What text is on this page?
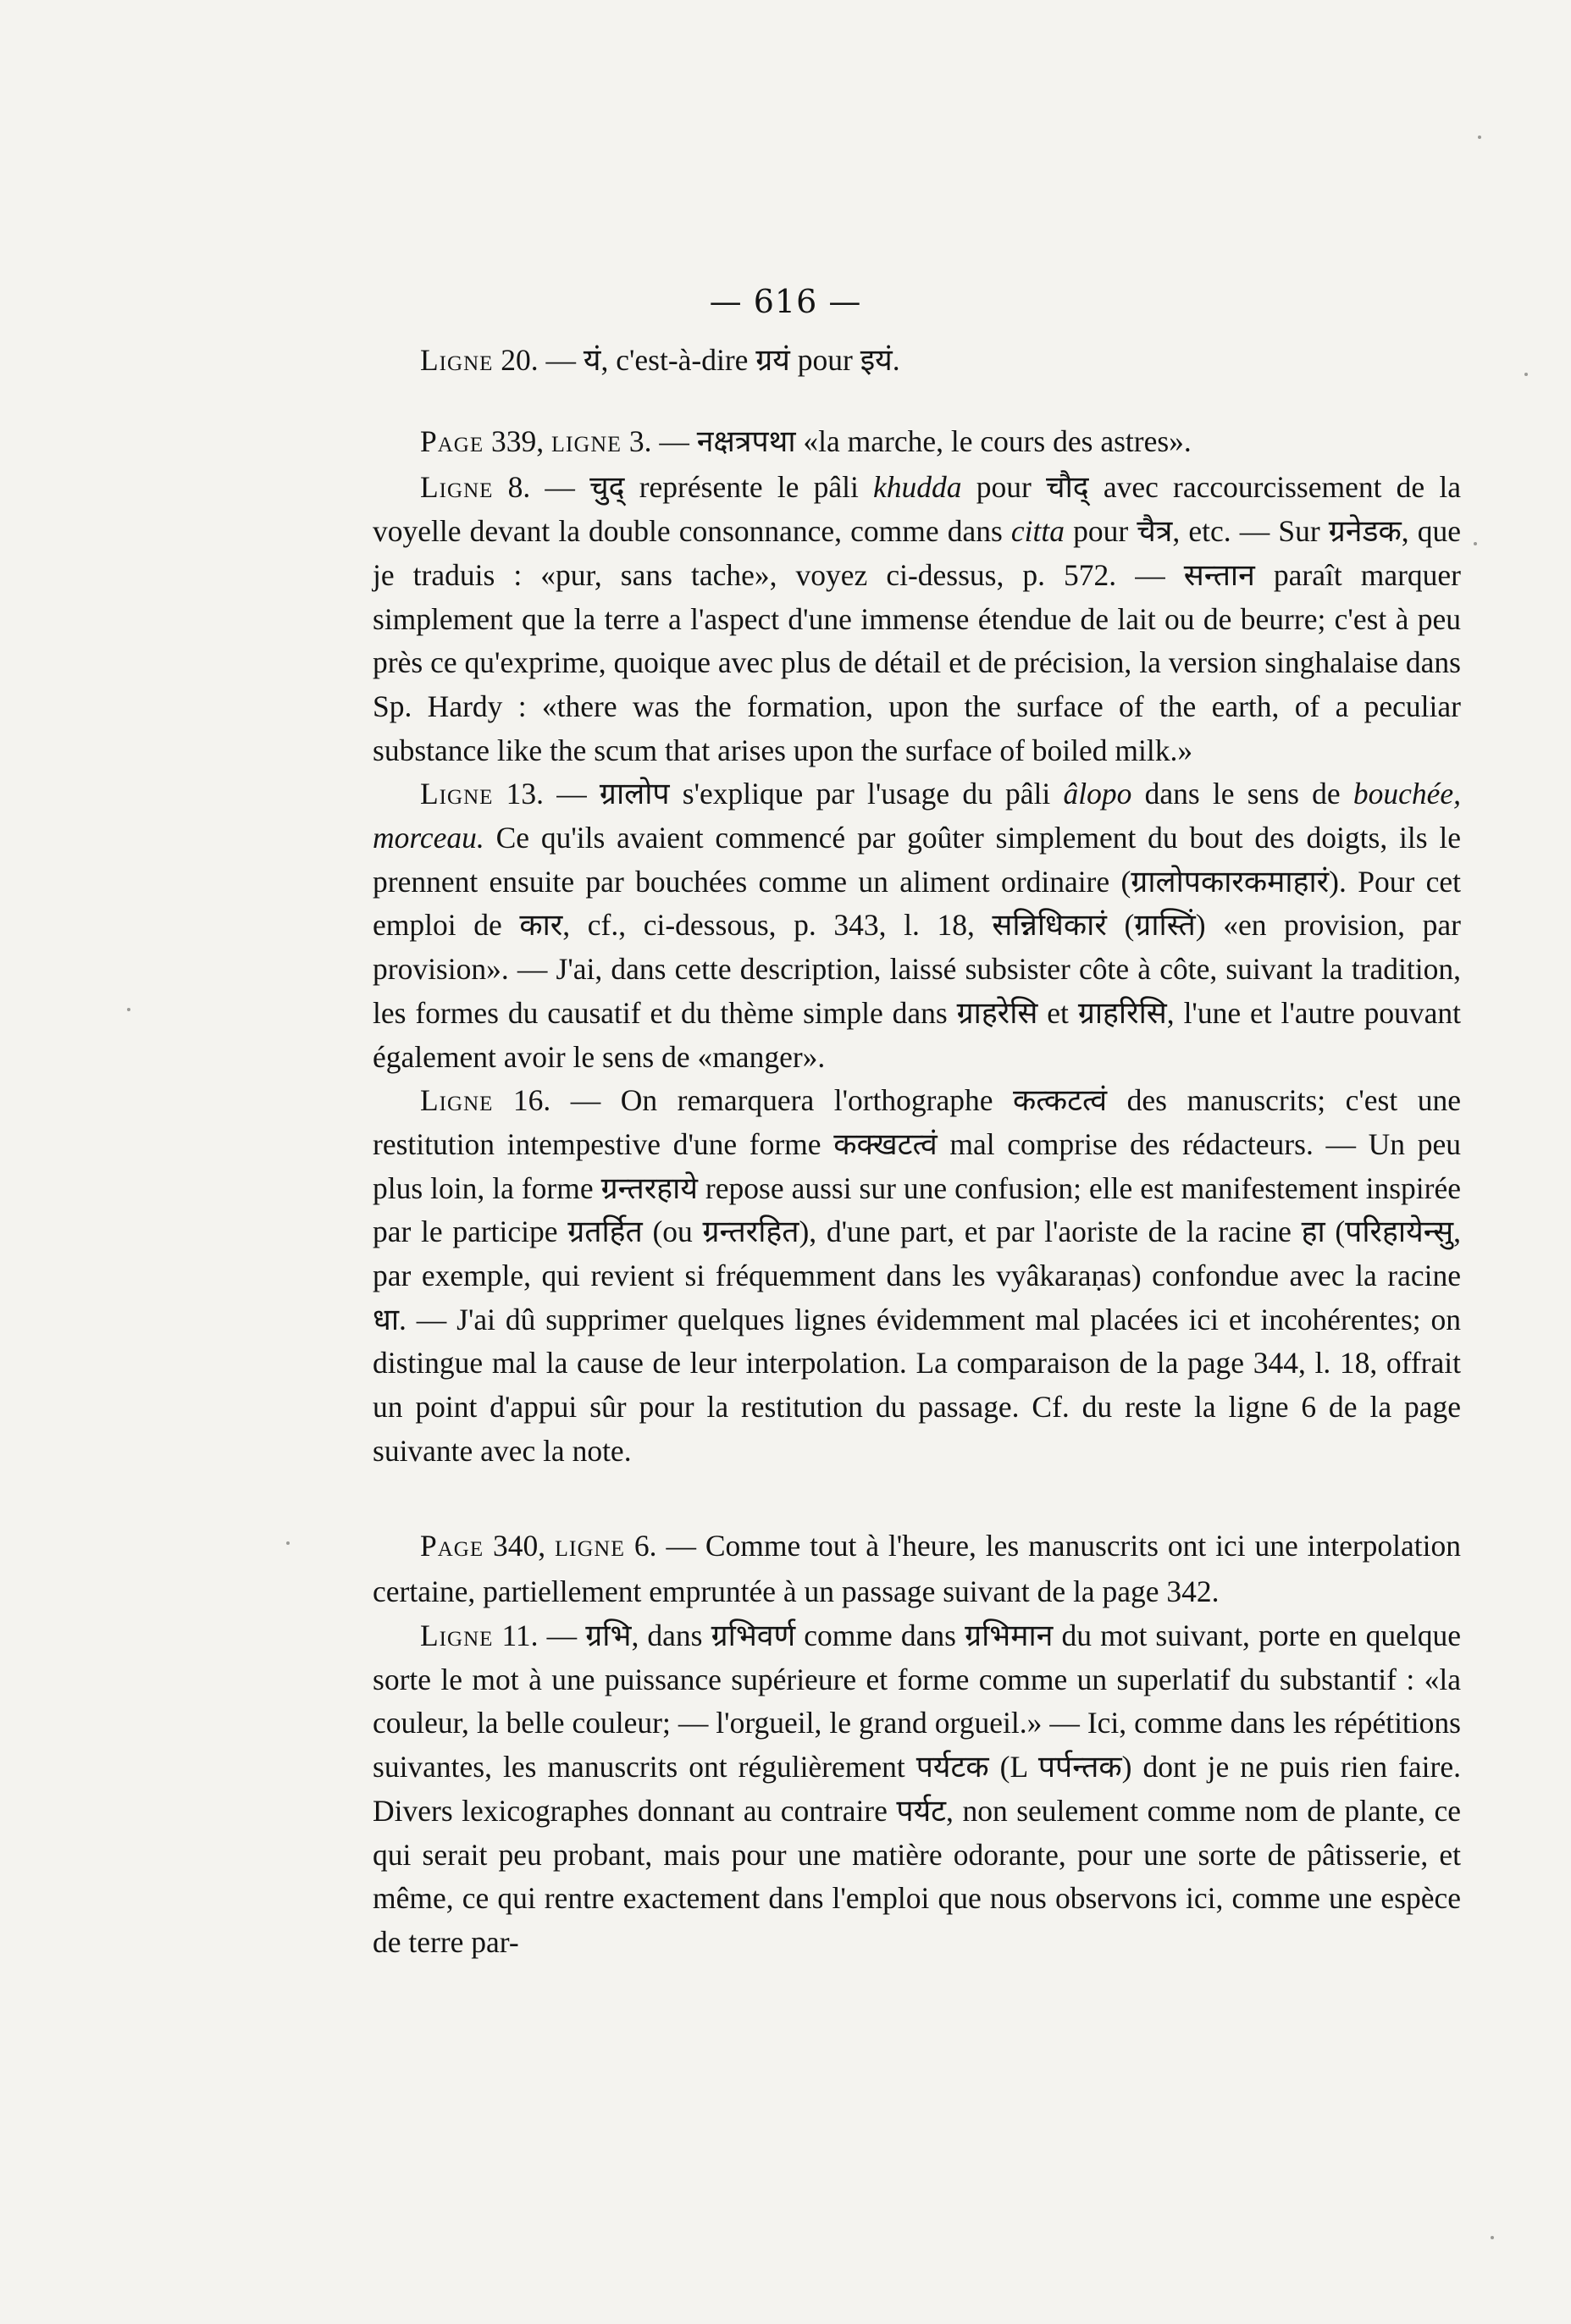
— 616 —

Ligne 20. — यं, c'est-à-dire ग्रयं pour इयं.

Page 339, LIGNE 3. — नक्षत्रपथा «la marche, le cours des astres».

Ligne 8. — चुद् représente le pâli khudda pour चौद् avec raccourcissement de la voyelle devant la double consonnance, comme dans citta pour चैत्र, etc. — Sur ग्रनेडक, que je traduis : «pur, sans tache», voyez ci-dessus, p. 572. — सन्तान paraît marquer simplement que la terre a l'aspect d'une immense étendue de lait ou de beurre; c'est à peu près ce qu'exprime, quoique avec plus de détail et de précision, la version singhalaise dans Sp. Hardy : «there was the formation, upon the surface of the earth, of a peculiar substance like the scum that arises upon the surface of boiled milk.»

Ligne 13. — ग्रालोप s'explique par l'usage du pâli âlopo dans le sens de bouchée, morceau. Ce qu'ils avaient commencé par goûter simplement du bout des doigts, ils le prennent ensuite par bouchées comme un aliment ordinaire (ग्रालोपकारकमाहारं). Pour cet emploi de कार, cf., ci-dessous, p. 343, l. 18, सन्निधिकारं (ग्रास्तिं) «en provision, par provision». — J'ai, dans cette description, laissé subsister côte à côte, suivant la tradition, les formes du causatif et du thème simple dans ग्राहरेसि et ग्राहरिसि, l'une et l'autre pouvant également avoir le sens de «manger».

Ligne 16. — On remarquera l'orthographe कत्कटत्वं des manuscrits; c'est une restitution intempestive d'une forme कक्खटत्वं mal comprise des rédacteurs. — Un peu plus loin, la forme ग्रन्तरहाये repose aussi sur une confusion; elle est manifestement inspirée par le participe ग्रतर्हित (ou ग्रन्तरहित), d'une part, et par l'aoriste de la racine हा (परिहायेन्सु, par exemple, qui revient si fréquemment dans les vyâkaraṇas) confondue avec la racine धा. — J'ai dû supprimer quelques lignes évidemment mal placées ici et incohérentes; on distingue mal la cause de leur interpolation. La comparaison de la page 344, l. 18, offrait un point d'appui sûr pour la restitution du passage. Cf. du reste la ligne 6 de la page suivante avec la note.

Page 340, LIGNE 6. — Comme tout à l'heure, les manuscrits ont ici une interpolation certaine, partiellement empruntée à un passage suivant de la page 342.

Ligne 11. — ग्रभि, dans ग्रभिवर्ण comme dans ग्रभिमान du mot suivant, porte en quelque sorte le mot à une puissance supérieure et forme comme un superlatif du substantif : «la couleur, la belle couleur; — l'orgueil, le grand orgueil.» — Ici, comme dans les répétitions suivantes, les manuscrits ont régulièrement पर्यटक (L पर्पन्तक) dont je ne puis rien faire. Divers lexicographes donnant au contraire पर्यट, non seulement comme nom de plante, ce qui serait peu probant, mais pour une matière odorante, pour une sorte de pâtisserie, et même, ce qui rentre exactement dans l'emploi que nous observons ici, comme une espèce de terre par-
